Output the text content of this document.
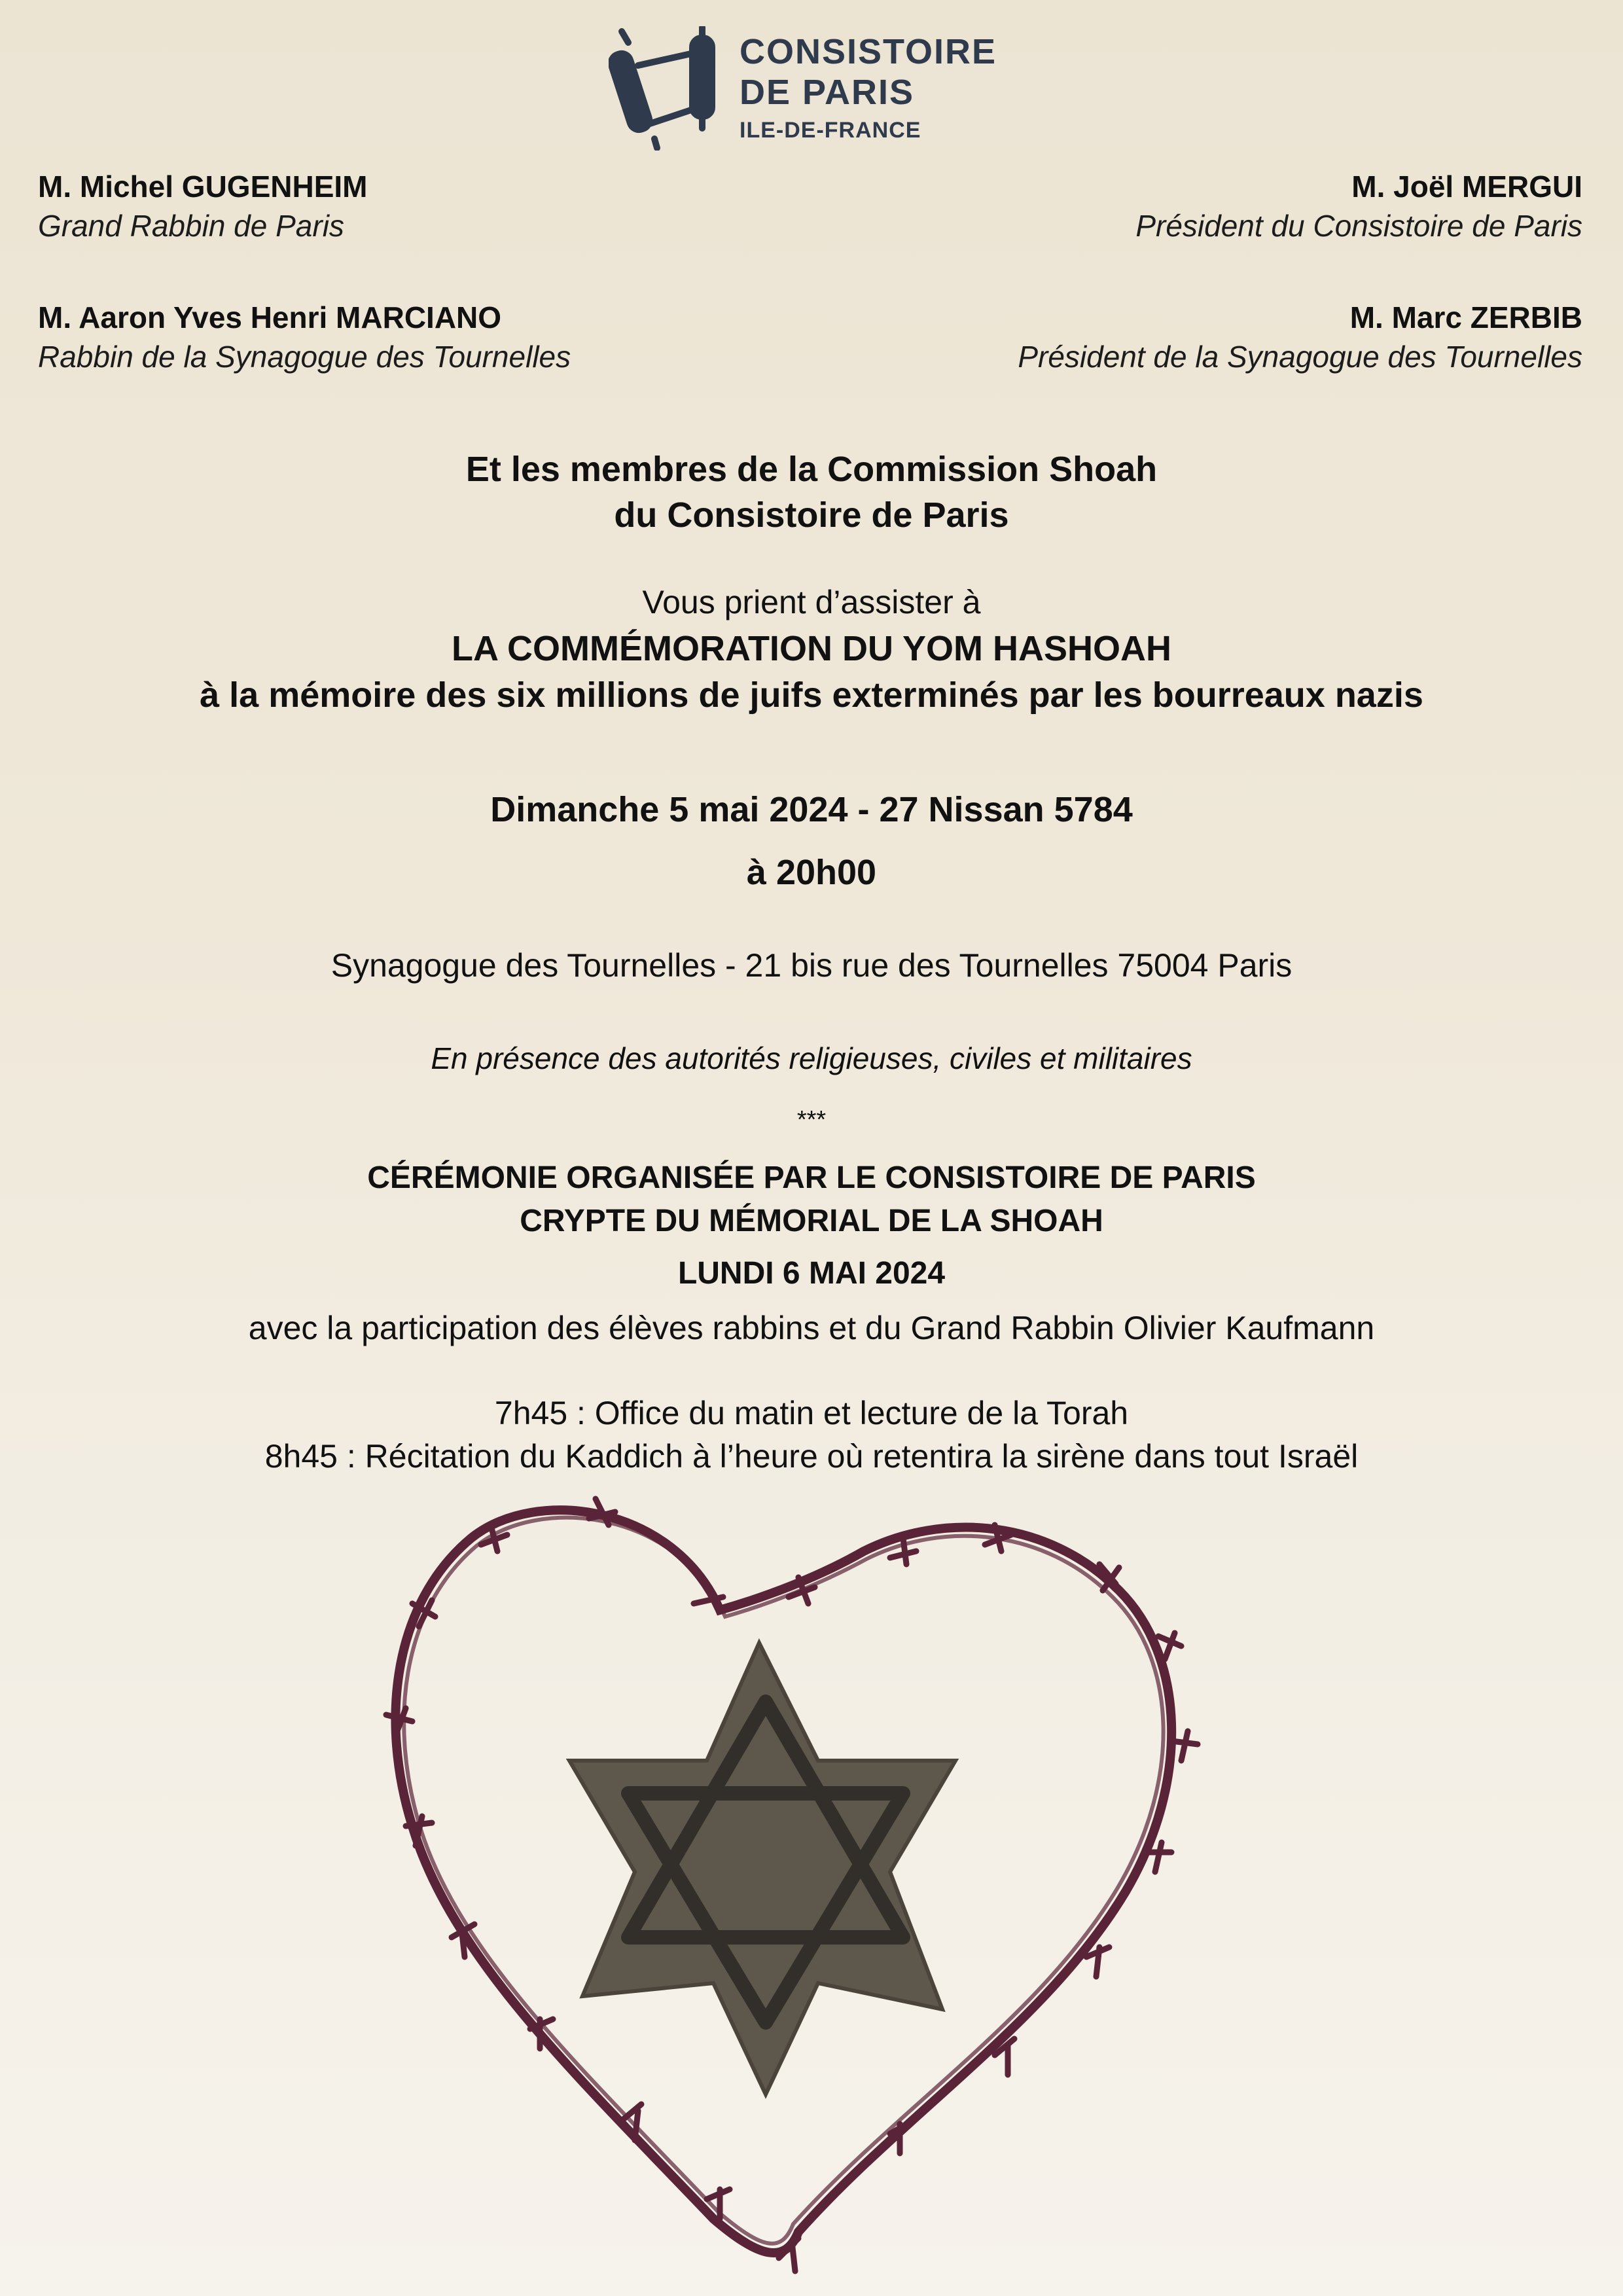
CONSISTOIRE
DE PARIS
ILE-DE-FRANCE
M. Michel GUGENHEIM
Grand Rabbin de Paris
M. Joël MERGUI
Président du Consistoire de Paris
M. Aaron Yves Henri MARCIANO
Rabbin de la Synagogue des Tournelles
M. Marc ZERBIB
Président de la Synagogue des Tournelles
Et les membres de la Commission Shoah
du Consistoire de Paris
Vous prient d’assister à
LA COMMÉMORATION DU YOM HASHOAH
à la mémoire des six millions de juifs exterminés par les bourreaux nazis
Dimanche 5 mai 2024 - 27 Nissan 5784
à 20h00
Synagogue des Tournelles - 21 bis rue des Tournelles 75004 Paris
En présence des autorités religieuses, civiles et militaires
***
CÉRÉMONIE ORGANISÉE PAR LE CONSISTOIRE DE PARIS
CRYPTE DU MÉMORIAL DE LA SHOAH
LUNDI 6 MAI 2024
avec la participation des élèves rabbins et du Grand Rabbin Olivier Kaufmann
7h45 : Office du matin et lecture de la Torah
8h45 : Récitation du Kaddich à l’heure où retentira la sirène dans tout Israël
